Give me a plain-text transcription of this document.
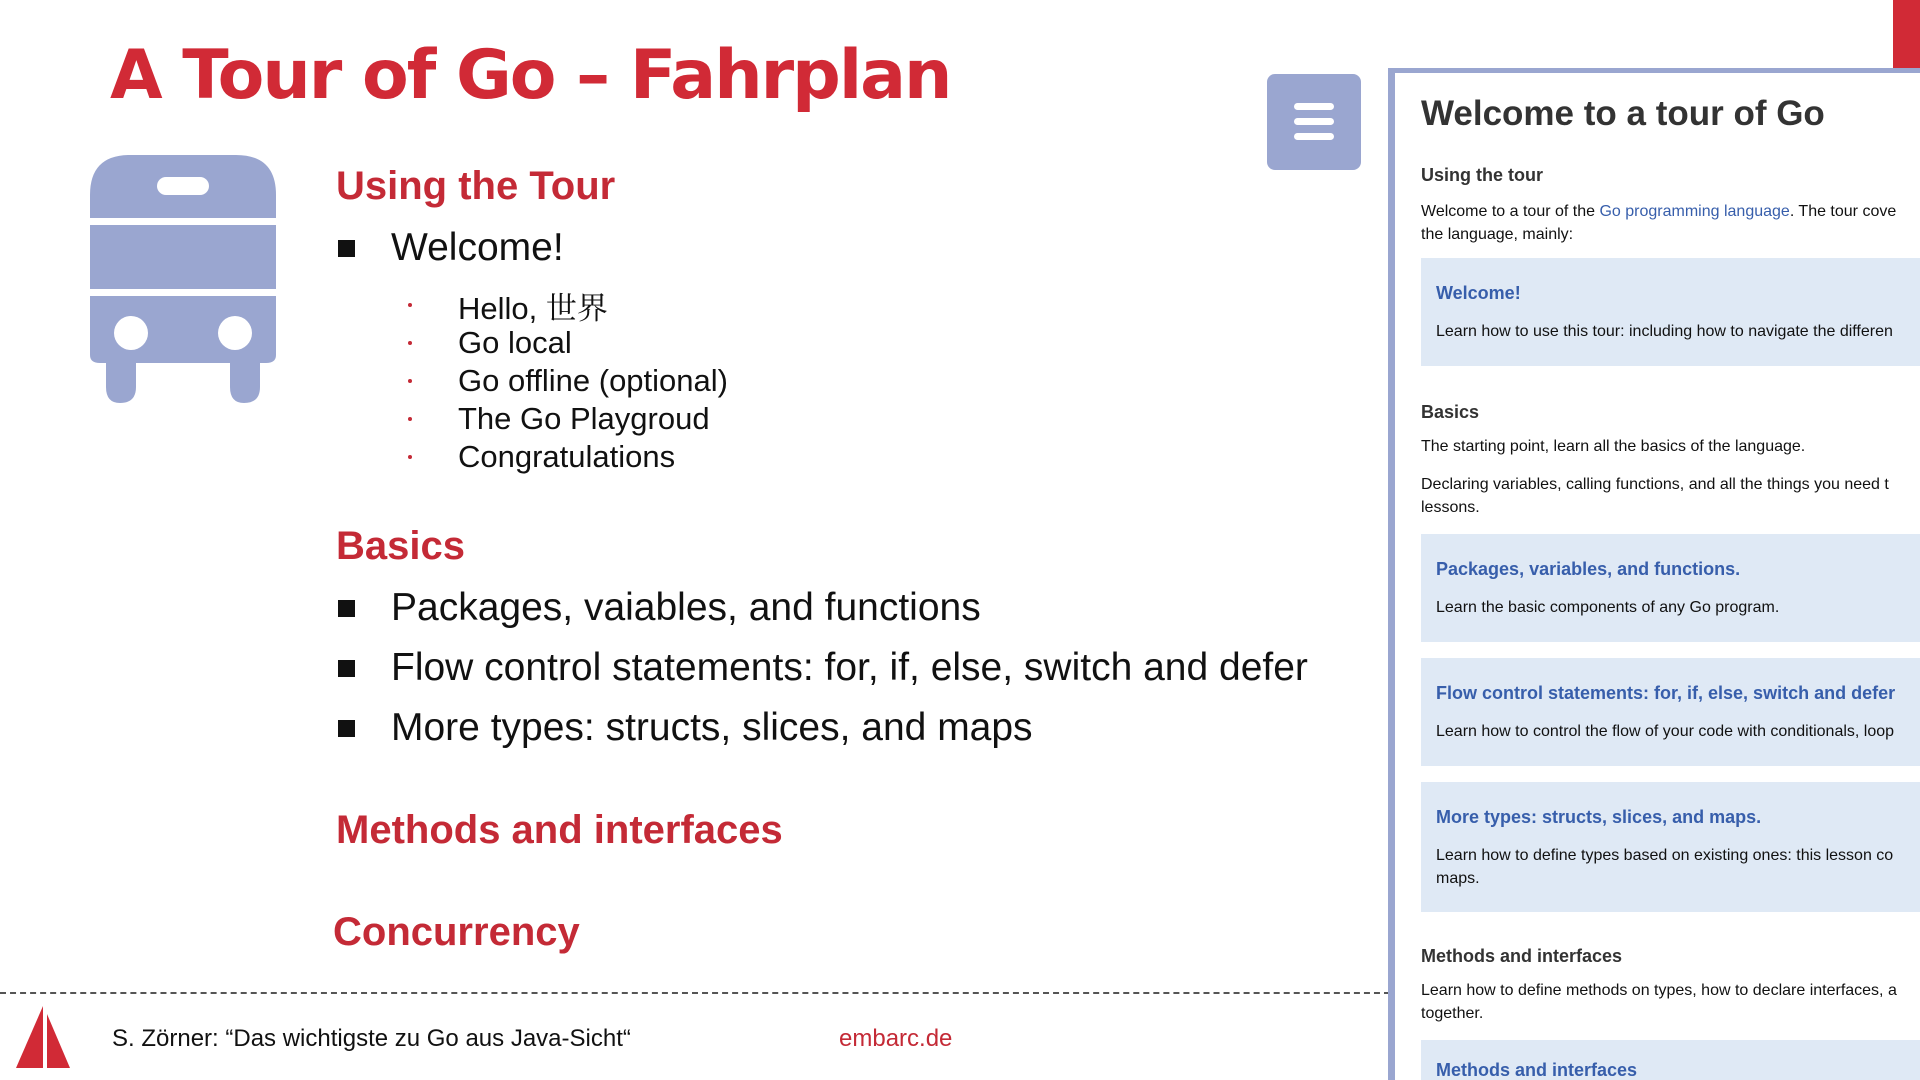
A Tour of Go – Fahrplan
Using the Tour
Welcome!
Hello, 世界
Go local
Go offline (optional)
The Go Playgroud
Congratulations
Basics
Packages, vaiables, and functions
Flow control statements: for, if, else, switch and defer
More types: structs, slices, and maps
Methods and interfaces
Concurrency
S. Zörner: “Das wichtigste zu Go aus Java-Sicht“	embarc.de
Welcome to a tour of Go
Using the tour
Welcome to a tour of the Go programming language. The tour cove
the language, mainly:
Welcome!
Learn how to use this tour: including how to navigate the differen
Basics
The starting point, learn all the basics of the language.
Declaring variables, calling functions, and all the things you need t
lessons.
Packages, variables, and functions.
Learn the basic components of any Go program.
Flow control statements: for, if, else, switch and defer
Learn how to control the flow of your code with conditionals, loop
More types: structs, slices, and maps.
Learn how to define types based on existing ones: this lesson co
maps.
Methods and interfaces
Learn how to define methods on types, how to declare interfaces, a
together.
Methods and interfaces
